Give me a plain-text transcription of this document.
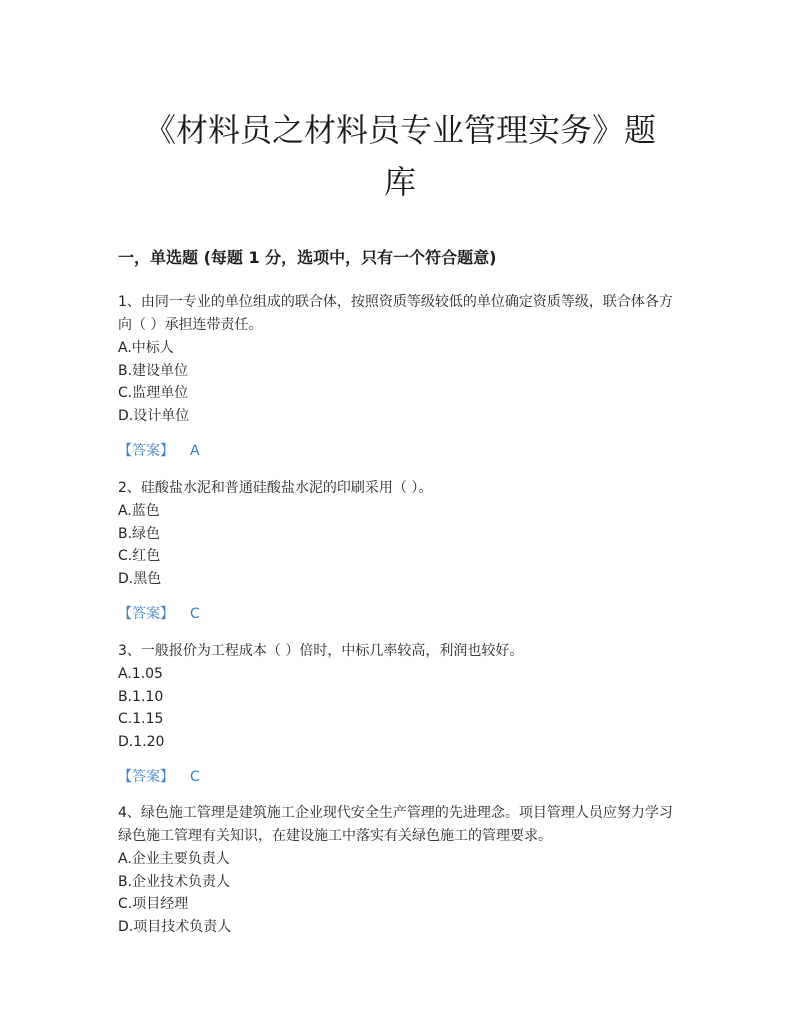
《材料员之材料员专业管理实务》题
库
一，单选题 (每题 1 分，选项中，只有一个符合题意)

1、由同一专业的单位组成的联合体，按照资质等级较低的单位确定资质等级，联合体各方向（ ）承担连带责任。

A.中标人

B.建设单位

C.监理单位

D.设计单位

【答案】 A

2、硅酸盐水泥和普通硅酸盐水泥的印刷采用（ ）。

A.蓝色

B.绿色

C.红色

D.黑色

【答案】 C

3、一般报价为工程成本（ ）倍时，中标几率较高，利润也较好。

A.1.05

B.1.10

C.1.15

D.1.20

【答案】 C

4、绿色施工管理是建筑施工企业现代安全生产管理的先进理念。项目管理人员应努力学习绿色施工管理有关知识，在建设施工中落实有关绿色施工的管理要求。

A.企业主要负责人

B.企业技术负责人

C.项目经理

D.项目技术负责人
